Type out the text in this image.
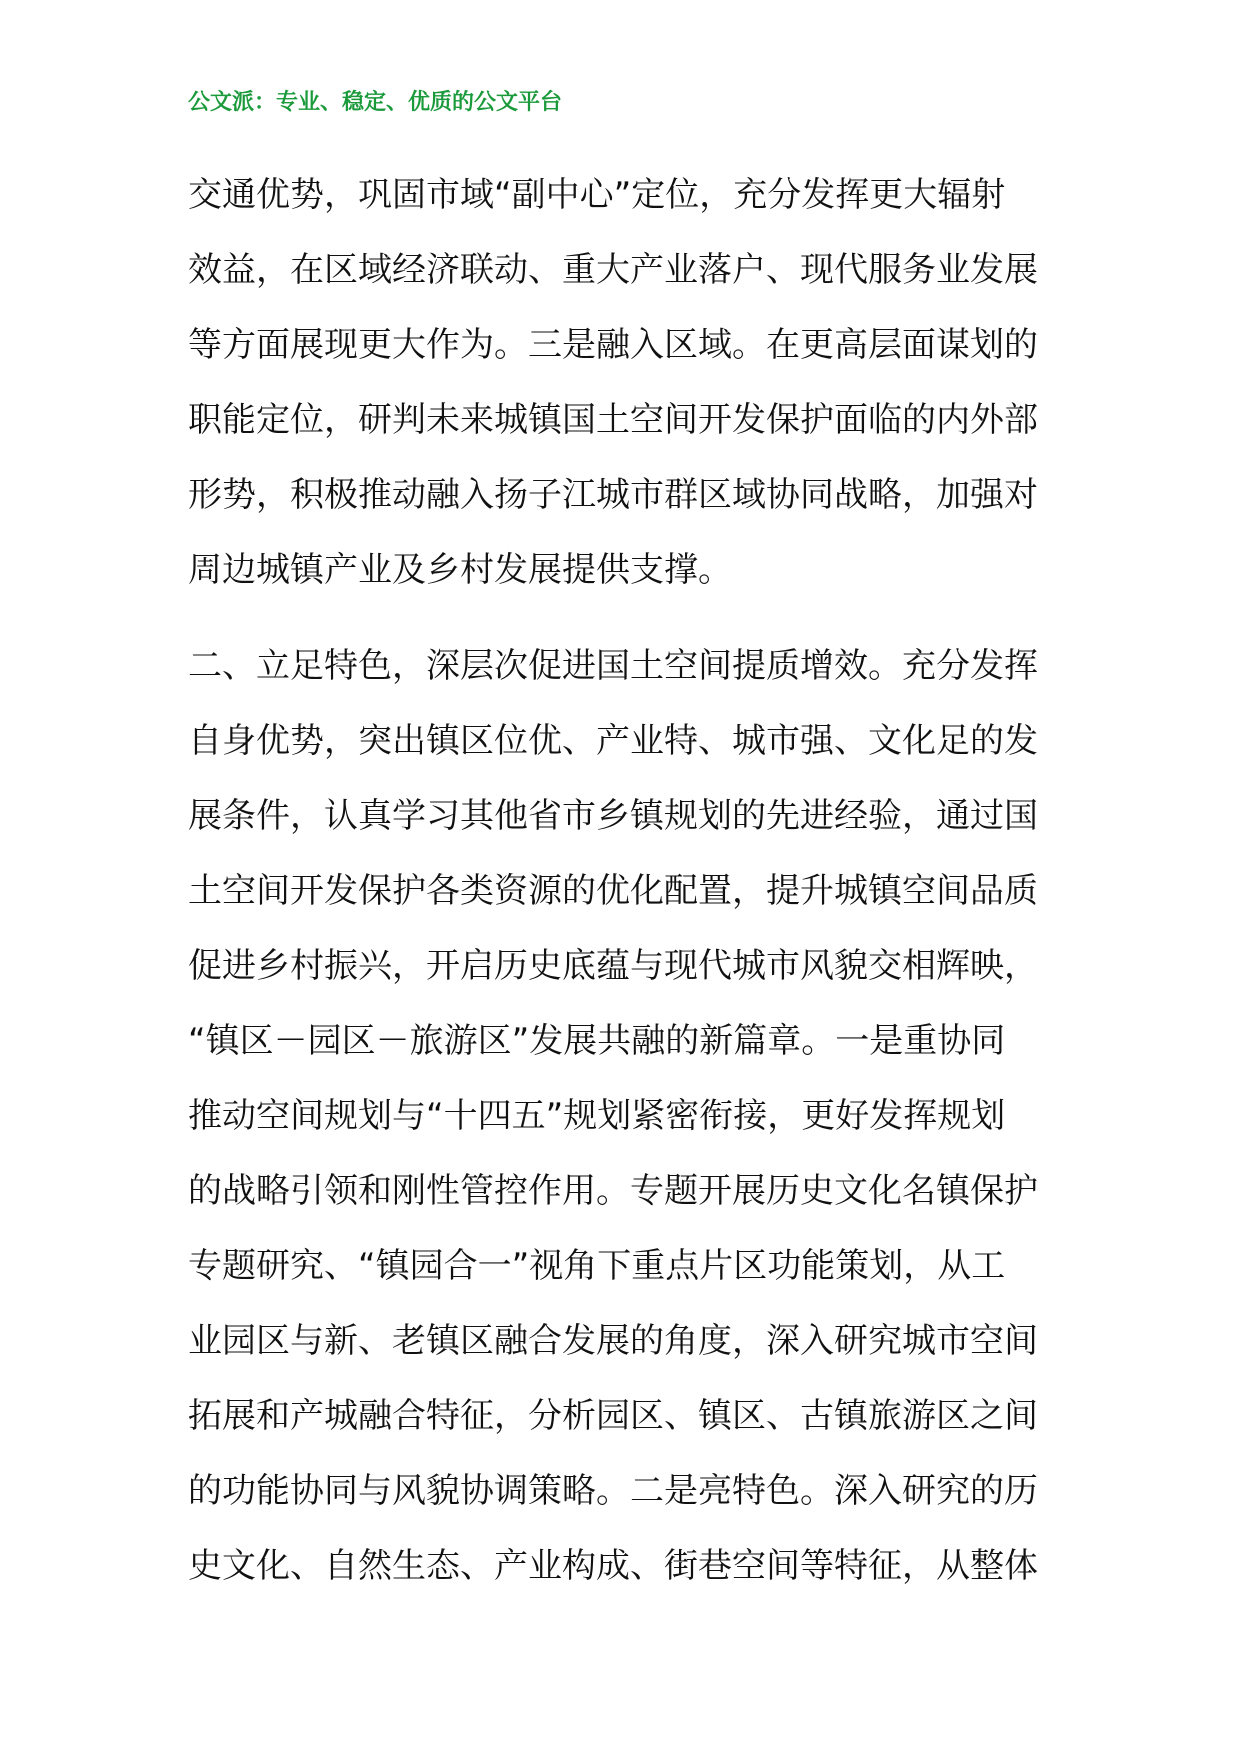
公文派：专业、稳定、优质的公文平台
交通优势，巩固市域“副中心”定位，充分发挥更大辐射
效益，在区域经济联动、重大产业落户、现代服务业发展
等方面展现更大作为。三是融入区域。在更高层面谋划的
职能定位，研判未来城镇国土空间开发保护面临的内外部
形势，积极推动融入扬子江城市群区域协同战略，加强对
周边城镇产业及乡村发展提供支撑。
二、立足特色，深层次促进国土空间提质增效。充分发挥
自身优势，突出镇区位优、产业特、城市强、文化足的发
展条件，认真学习其他省市乡镇规划的先进经验，通过国
土空间开发保护各类资源的优化配置，提升城镇空间品质
促进乡村振兴，开启历史底蕴与现代城市风貌交相辉映，
“镇区－园区－旅游区”发展共融的新篇章。一是重协同
推动空间规划与“十四五”规划紧密衔接，更好发挥规划
的战略引领和刚性管控作用。专题开展历史文化名镇保护
专题研究、“镇园合一”视角下重点片区功能策划，从工
业园区与新、老镇区融合发展的角度，深入研究城市空间
拓展和产城融合特征，分析园区、镇区、古镇旅游区之间
的功能协同与风貌协调策略。二是亮特色。深入研究的历
史文化、自然生态、产业构成、街巷空间等特征，从整体
